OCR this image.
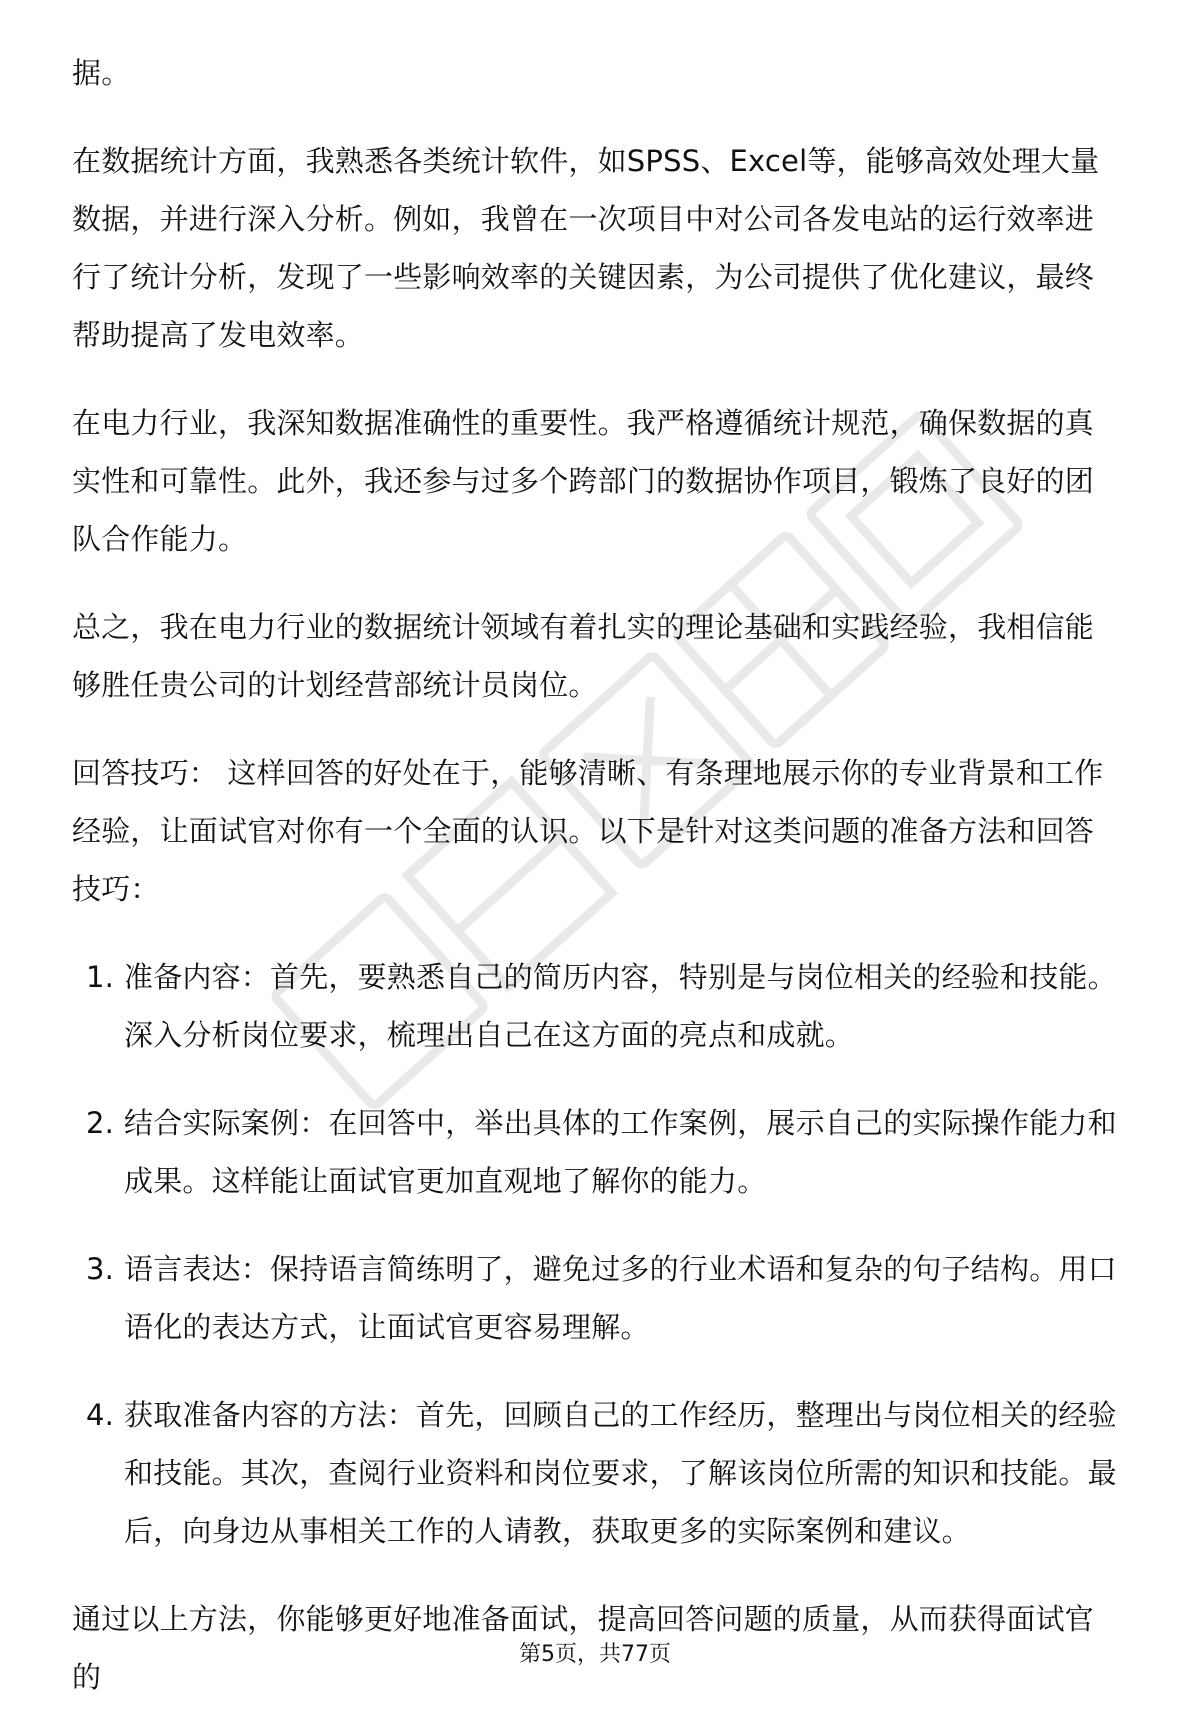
据。

在数据统计方面，我熟悉各类统计软件，如SPSS、Excel等，能够高效处理大量数据，并进行深入分析。例如，我曾在一次项目中对公司各发电站的运行效率进行了统计分析，发现了一些影响效率的关键因素，为公司提供了优化建议，最终帮助提高了发电效率。

在电力行业，我深知数据准确性的重要性。我严格遵循统计规范，确保数据的真实性和可靠性。此外，我还参与过多个跨部门的数据协作项目，锻炼了良好的团队合作能力。

总之，我在电力行业的数据统计领域有着扎实的理论基础和实践经验，我相信能够胜任贵公司的计划经营部统计员岗位。

回答技巧： 这样回答的好处在于，能够清晰、有条理地展示你的专业背景和工作经验，让面试官对你有一个全面的认识。以下是针对这类问题的准备方法和回答技巧：

1. 准备内容：首先，要熟悉自己的简历内容，特别是与岗位相关的经验和技能。深入分析岗位要求，梳理出自己在这方面的亮点和成就。
2. 结合实际案例：在回答中，举出具体的工作案例，展示自己的实际操作能力和成果。这样能让面试官更加直观地了解你的能力。
3. 语言表达：保持语言简练明了，避免过多的行业术语和复杂的句子结构。用口语化的表达方式，让面试官更容易理解。
4. 获取准备内容的方法：首先，回顾自己的工作经历，整理出与岗位相关的经验和技能。其次，查阅行业资料和岗位要求，了解该岗位所需的知识和技能。最后，向身边从事相关工作的人请教，获取更多的实际案例和建议。

通过以上方法，你能够更好地准备面试，提高回答问题的质量，从而获得面试官的

第5页，共77页
